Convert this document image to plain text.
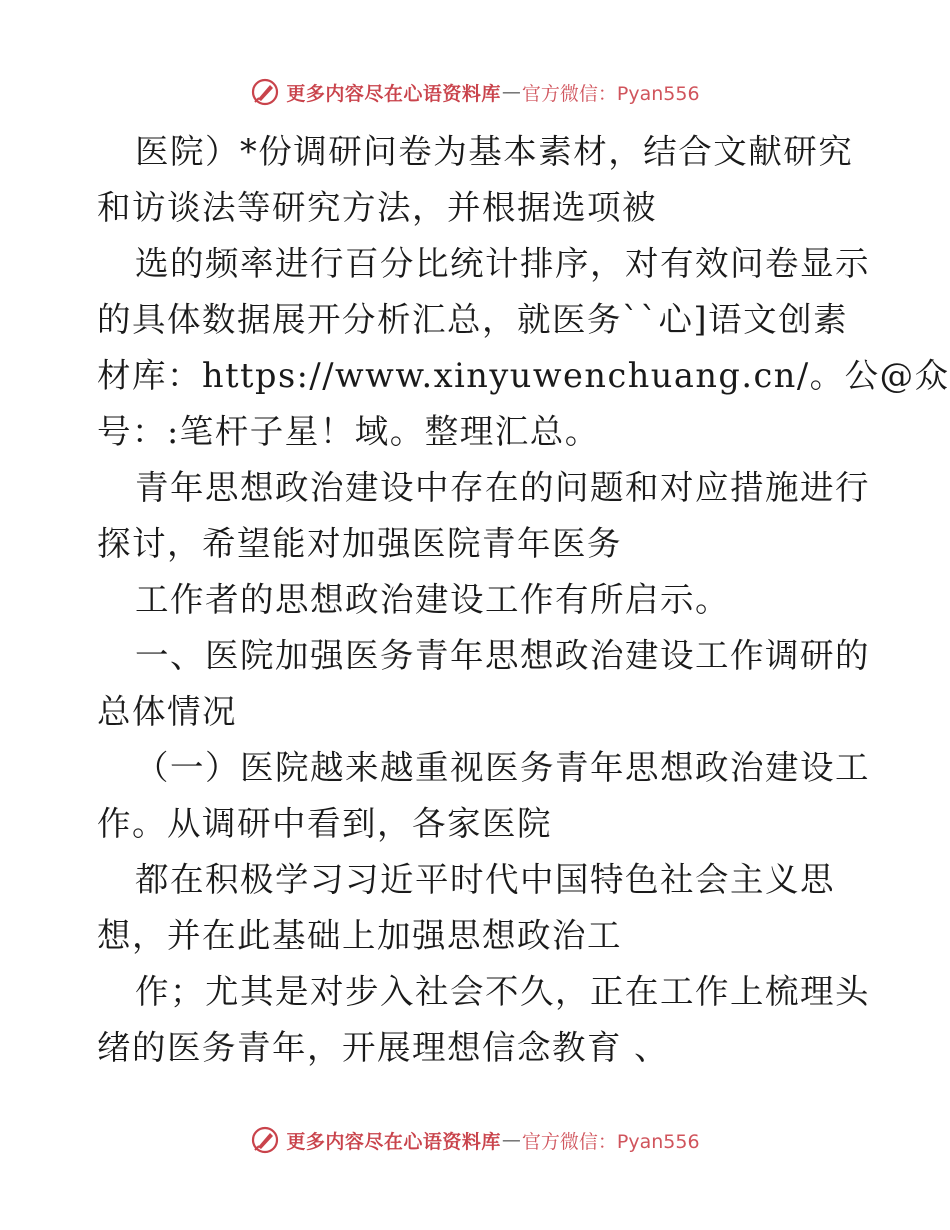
更多内容尽在心语资料库 — 官方微信：Pyan556
医院）*份调研问卷为基本素材，结合文献研究
和访谈法等研究方法，并根据选项被
选的频率进行百分比统计排序，对有效问卷显示
的具体数据展开分析汇总，就医务``心]语文创素
材库：https://www.xinyuwenchuang.cn/。公@众
号：:笔杆子星！域。整理汇总。
青年思想政治建设中存在的问题和对应措施进行
探讨，希望能对加强医院青年医务
工作者的思想政治建设工作有所启示。
一、医院加强医务青年思想政治建设工作调研的
总体情况
（一）医院越来越重视医务青年思想政治建设工
作。从调研中看到，各家医院
都在积极学习习近平时代中国特色社会主义思
想，并在此基础上加强思想政治工
作；尤其是对步入社会不久，正在工作上梳理头
绪的医务青年，开展理想信念教育 、
更多内容尽在心语资料库 — 官方微信：Pyan556
